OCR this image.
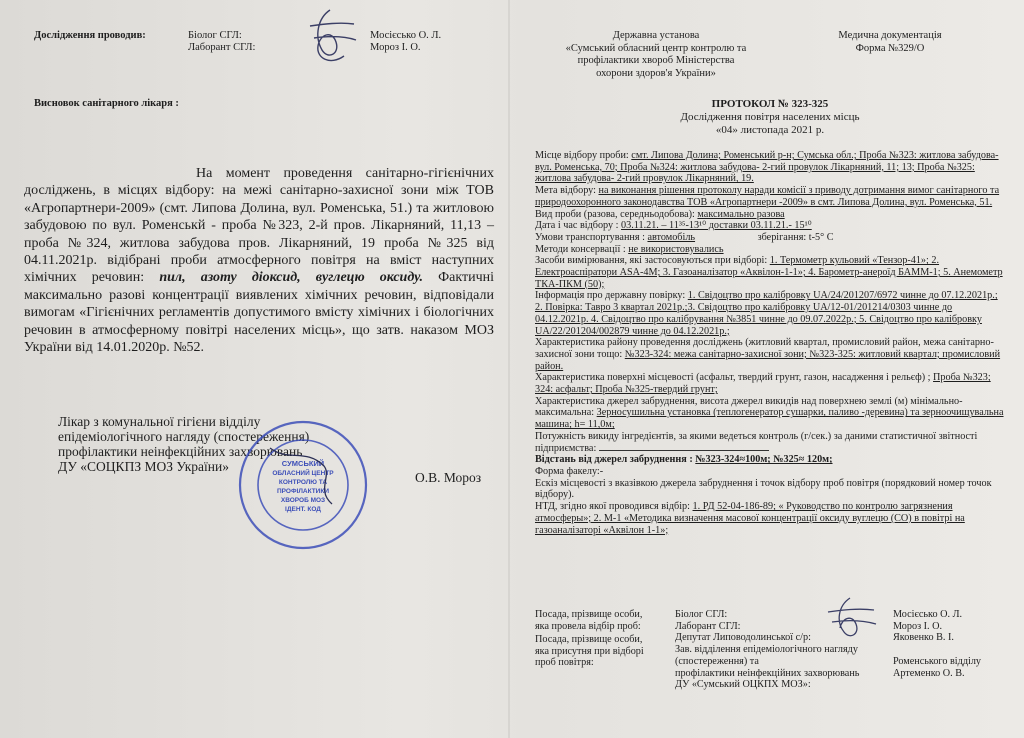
Дослідження проводив:	Біолог СГЛ:
Лаборант СГЛ:
Мосієсько О. Л.
Мороз І. О.
Висновок санітарного лікаря :

На момент проведення санітарно-гігієнічних досліджень, в місцях відбору: на межі санітарно-захисної зони між ТОВ «Агропартнери-2009» (смт. Липова Долина, вул. Роменська, 51.) та житловою забудовою по вул. Роменськй - проба №323, 2-й пров. Лікарняний, 11,13 – проба №324, житлова забудова пров. Лікарняний, 19 проба №325 від 04.11.2021р. відібрані проби атмосферного повітря на вміст наступних хімічних речовин: пил, азоту діоксид, вуглецю оксиду. Фактичні максимально разові концентрації виявлених хімічних речовин, відповідали вимогам «Гігієнічних регламентів допустимого вмісту хімічних і біологічних речовин в атмосферному повітрі населених місць», що затв. наказом МОЗ України від 14.01.2020р. №52.

Лікар з комунальної гігієни відділу
епідеміологічного нагляду (спостереження)
профілактики неінфекційних захворювань
ДУ «СОЦКПЗ МОЗ України»
О.В. Мороз
СУМСЬКИЙ
ОБЛАСНИЙ ЦЕНТР
КОНТРОЛЮ ТА
ПРОФІЛАКТИКИ
ХВОРОБ МОЗ
ІДЕНТ. КОД
Державна установа
«Сумський обласний центр контролю та
профілактики хвороб Міністерства
охорони здоров'я України»
Медична документація
Форма №329/О
ПРОТОКОЛ № 323-325
Дослідження повітря населених місць
«04» листопада 2021 р.
Місце відбору проби: смт. Липова Долина; Роменський р-н; Сумська обл.; Проба №323: житлова забудова- вул. Роменська, 70; Проба №324: житлова забудова- 2-гий провулок Лікарняний, 11; 13; Проба №325: житлова забудова- 2-гий провулок Лікарняний, 19.
Мета відбору: на виконання рішення протоколу наради комісії з приводу дотримання вимог санітарного та природоохоронного законодавства ТОВ «Агропартнери -2009» в смт. Липова Долина, вул. Роменська, 51.
Вид проби (разова, середньодобова): максимально разова
Дата і час відбору : 03.11.21. – 11³⁵-13¹⁰ доставки 03.11.21.- 15¹⁰
Умови транспортування : автомобіль	зберігання: t-5° C
Методи консервації : не використовувались
Засоби вимірювання, які застосовуються при відборі: 1. Термометр кульовий «Тензор-41»; 2. Електроаспіратори ASA-4M; 3. Газоаналізатор «Аквілон-1-1»; 4. Барометр-анероїд БАММ-1; 5. Анемометр ТКА-ПКМ (50);
Інформація про державну повірку: 1. Свідоцтво про калібровку UA/24/201207/6972 чинне до 07.12.2021р.; 2. Повірка: Тавро 3 квартал 2021р.;3. Свідоцтво про калібровку UA/12-01/201214/0303 чинне до 04.12.2021р. 4. Свідоцтво про калібрування №3851 чинне до 09.07.2022р.; 5. Свідоцтво про калібровку UA/22/201204/002879 чинне до 04.12.2021р.;
Характеристика району проведення досліджень (житловий квартал, промисловий район, межа санітарно-захисної зони тощо: №323-324: межа санітарно-захисної зони; №323-325: житловий квартал; промисловий район.
Характеристика поверхні місцевості (асфальт, твердий грунт, газон, насадження і рельєф) ; Проба №323; 324: асфальт; Проба №325-твердий грунт;
Характеристика джерел забруднення, висота джерел викидів над поверхнею землі (м) мінімально-максимальна: Зерносушильна установка (теплогенератор сушарки, паливо -деревина) та зерноочищувальна машина; h= 11,0м;
Потужність викиду інгредієнтів, за якими ведеться контроль (г/сек.) за даними статистичної звітності підприємства:
Відстань від джерел забруднення : №323-324≈100м; №325≈ 120м;
Форма факелу:-
Ескіз місцевості з вказівкою джерела забруднення і точок відбору проб повітря (порядковий номер точок відбору).
НТД, згідно якої проводився відбір: 1. РД 52-04-186-89; « Руководство по контролю загрязнения атмосферы»; 2. М-1 «Методика визначення масової концентрації оксиду вуглецю (СО) в повітрі на газоаналізаторі «Аквілон 1-1»;
Посада, прізвище особи,
яка провела відбір проб:
Посада, прізвище особи,
яка присутня при відборі
проб повітря:
Біолог СГЛ:
Лаборант СГЛ:
Депутат Липоводолинської с/р:
Зав. відділення епідеміологічного нагляду (спостереження) та
профілактики неінфекційних захворювань
ДУ «Сумський ОЦКПХ МОЗ»:
Мосієсько О. Л.
Мороз І. О.
Яковенко В. І.
Роменського відділу
Артеменко О. В.
